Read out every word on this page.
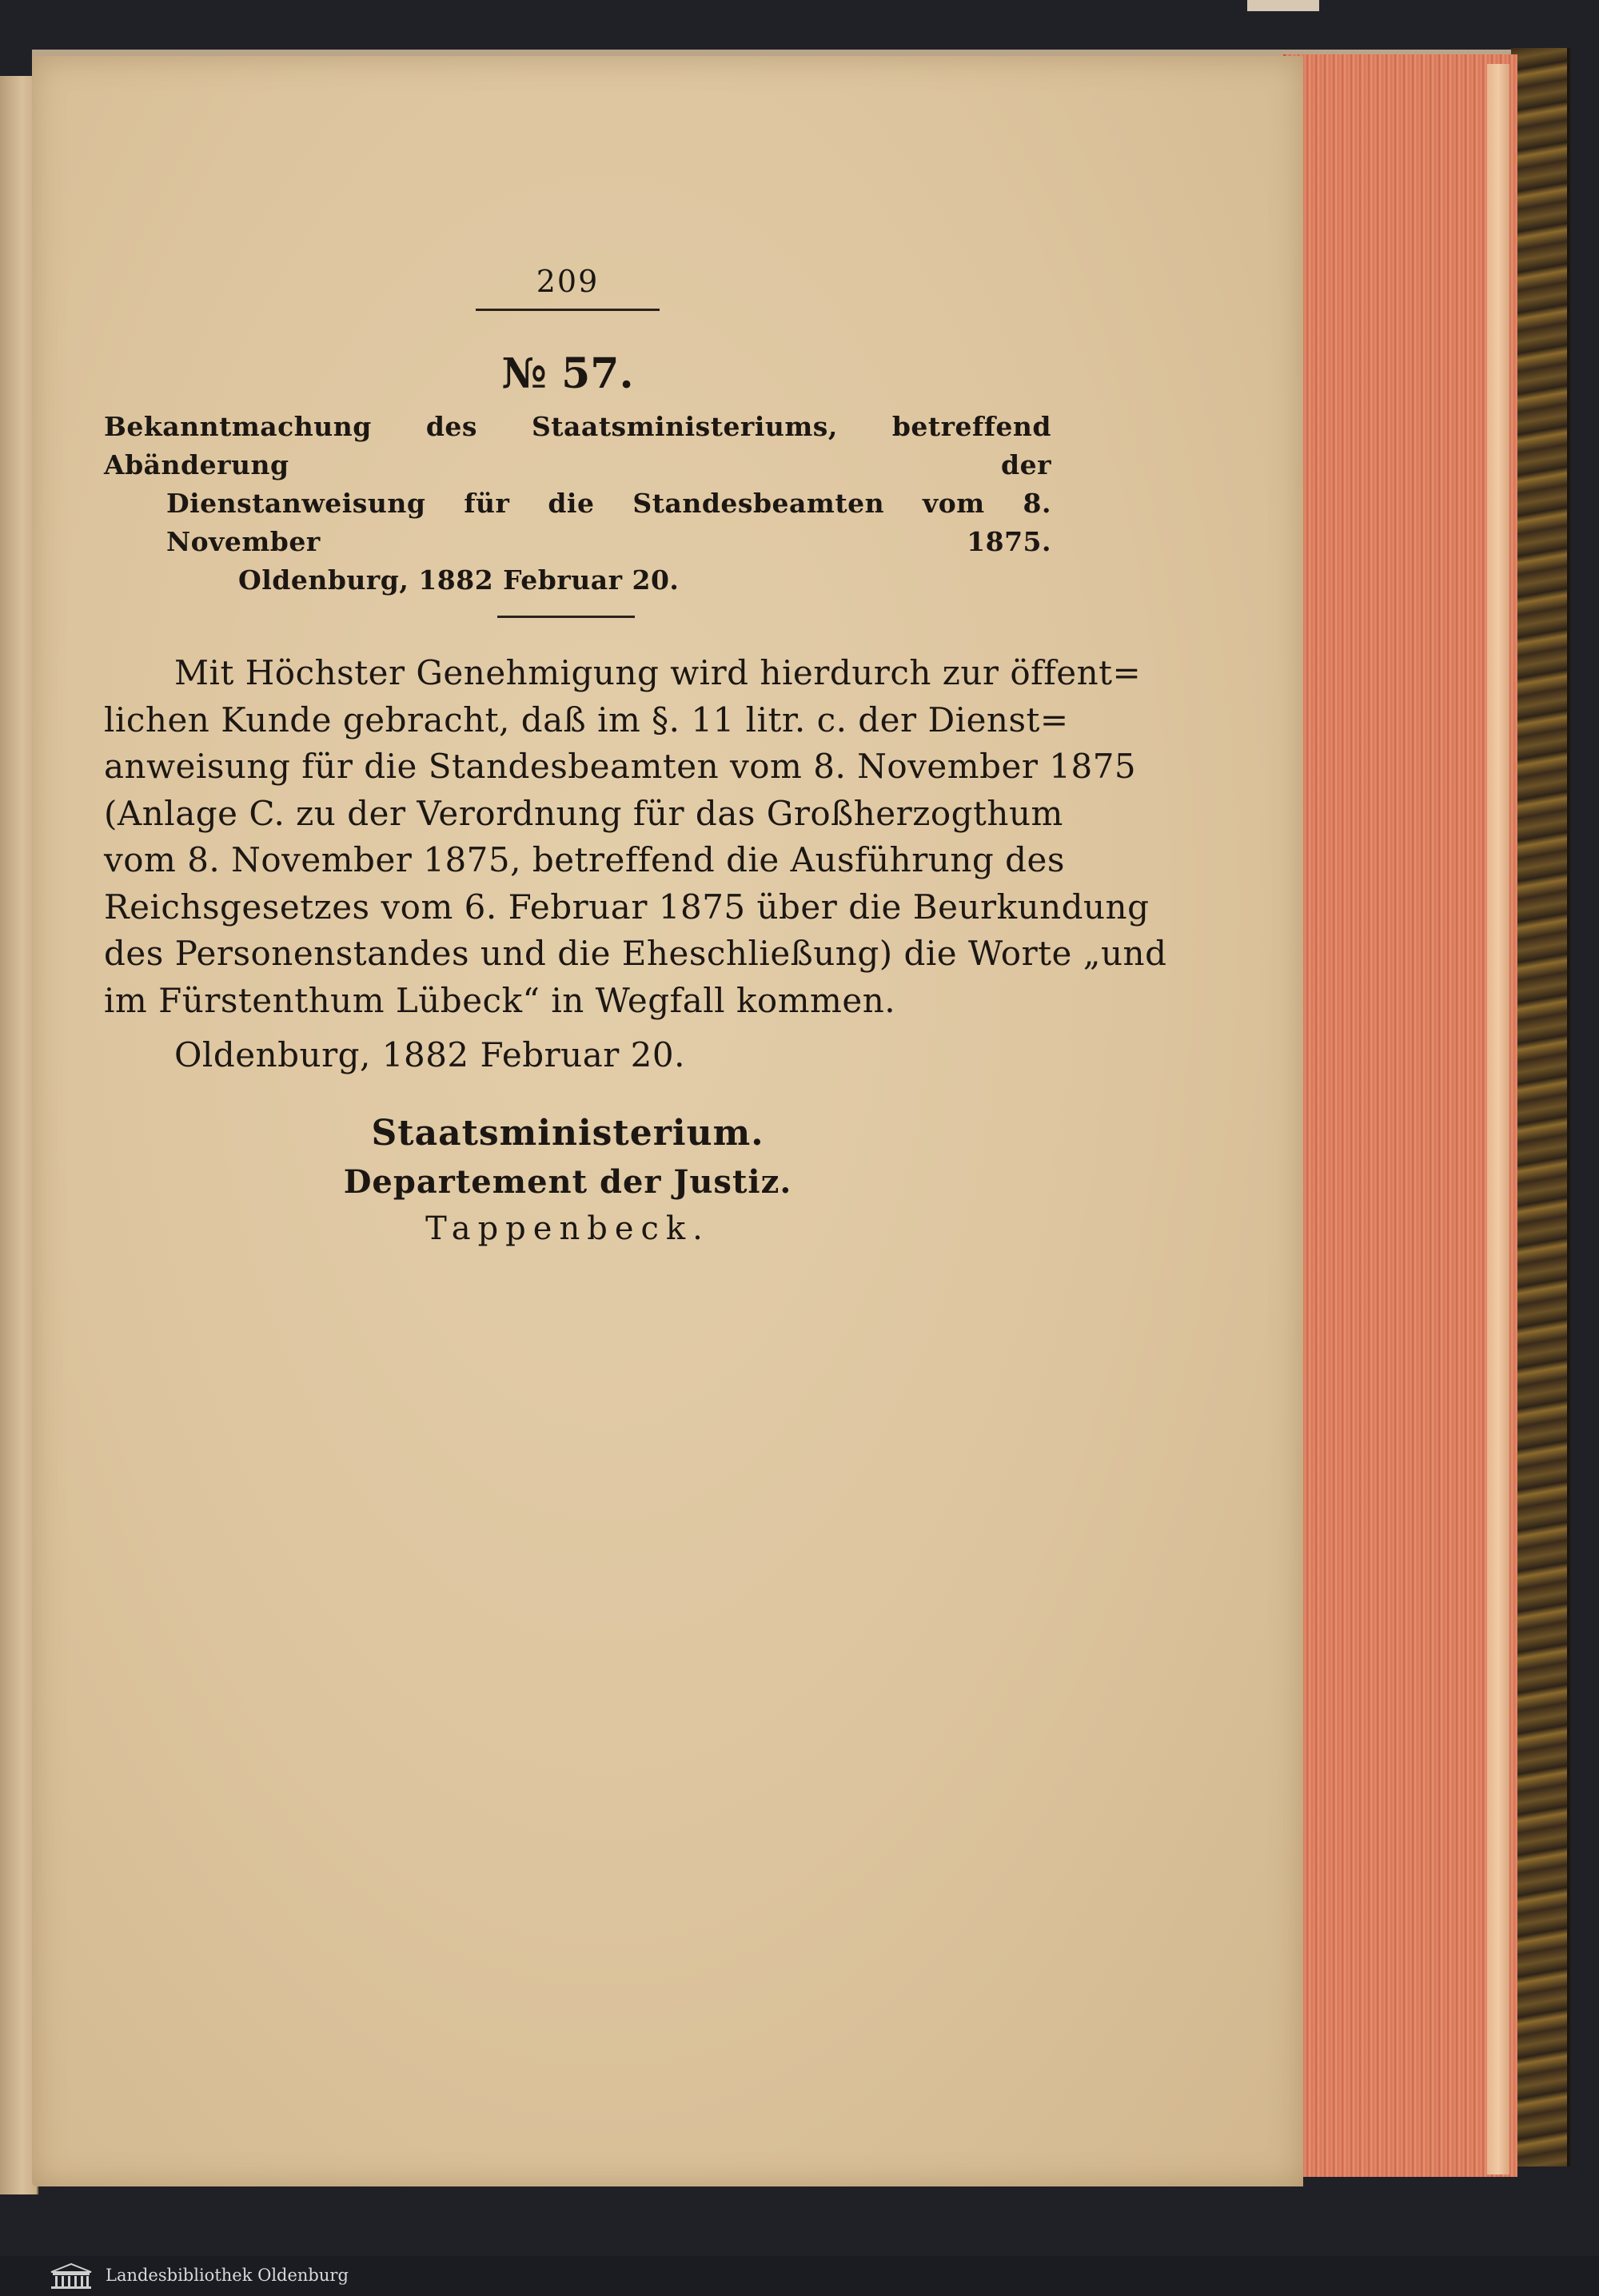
209
№ 57.
Bekanntmachung des Staatsministeriums, betreffend Abänderung der
Dienstanweisung für die Standesbeamten vom 8. November 1875.
Oldenburg, 1882 Februar 20.
Mit Höchster Genehmigung wird hierdurch zur öffent=
lichen Kunde gebracht, daß im §. 11 litr. c. der Dienst=
anweisung für die Standesbeamten vom 8. November 1875
(Anlage C. zu der Verordnung für das Großherzogthum
vom 8. November 1875, betreffend die Ausführung des
Reichsgesetzes vom 6. Februar 1875 über die Beurkundung
des Personenstandes und die Eheschließung) die Worte „und
im Fürstenthum Lübeck“ in Wegfall kommen.
Oldenburg, 1882 Februar 20.
Staatsministerium.
Departement der Justiz.
Tappenbeck.
Landesbibliothek Oldenburg
